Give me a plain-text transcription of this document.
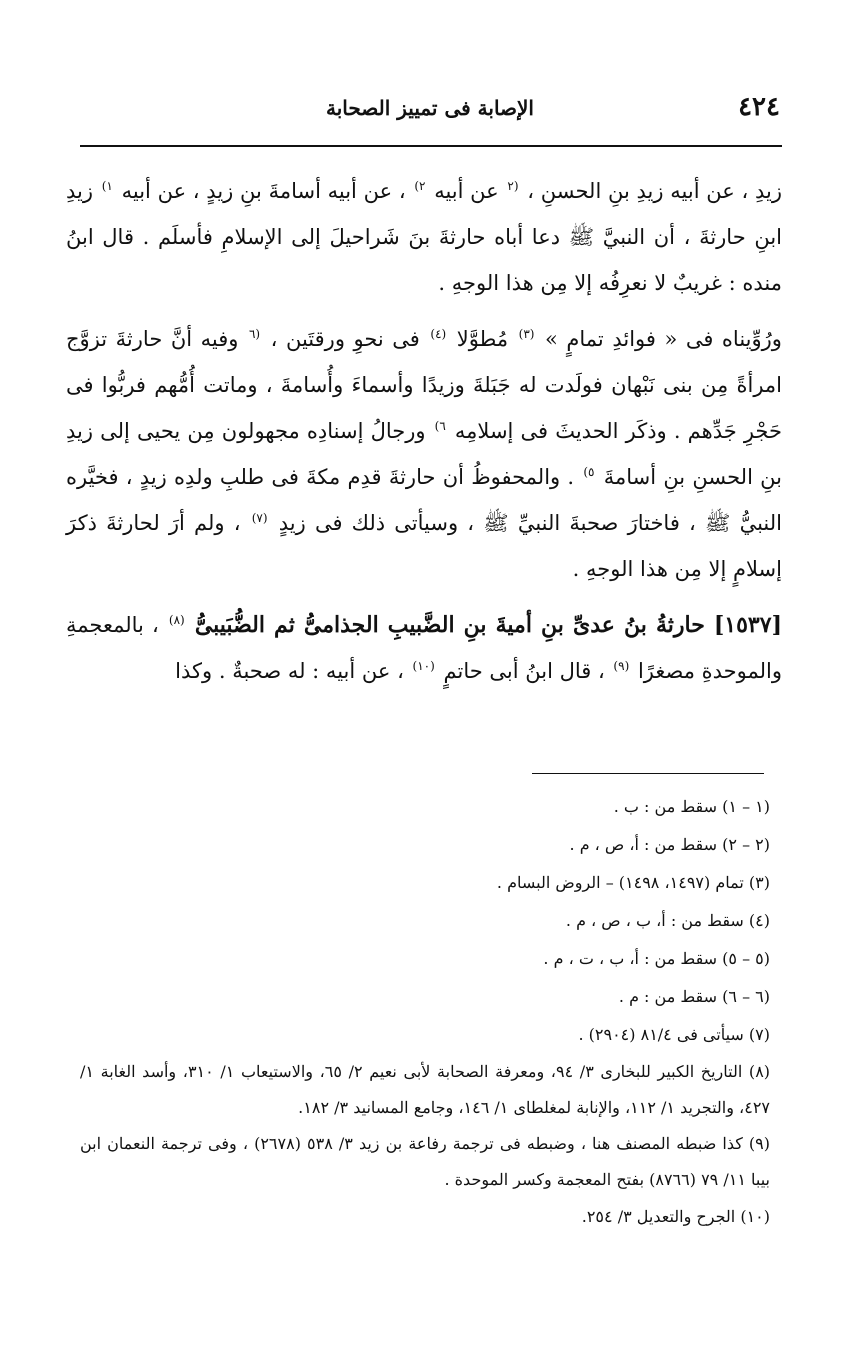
٤٢٤
الإصابة فى تمييز الصحابة

زيدِ ، عن أبيه زيدِ بنِ الحسنِ ، $^{(٢}$ عن أبيه $^{٢)}$ ، عن أبيه أسامةَ بنِ زيدٍ ، عن أبيه $^{١)}$ زيدِ ابنِ حارثةَ ، أن النبيَّ ﷺ دعا أباه حارثةَ بنَ شَراحيلَ إلى الإسلامِ فأسلَم . قال ابنُ منده : غريبٌ لا نعرِفُه إلا مِن هذا الوجهِ .

ورُوِّيناه فى « فوائدِ تمامٍ » $^{(٣)}$ مُطوَّلا $^{(٤)}$ فى نحوِ ورقتَين ، $^{(٦}$ وفيه أنَّ حارثةَ تزوَّج امرأةً مِن بنى نَبْهان فولَدت له جَبَلةَ وزيدًا وأسماءَ وأُسامةَ ، وماتت أُمُّهم فربُّوا فى حَجْرِ جَدِّهم . وذكَر الحديثَ فى إسلامِه $^{٦)}$ ورجالُ إسنادِه مجهولون مِن يحيى إلى زيدِ بنِ الحسنِ بنِ أسامةَ $^{٥)}$ . والمحفوظُ أن حارثةَ قدِم مكةَ فى طلبِ ولدِه زيدٍ ، فخيَّره النبيُّ ﷺ ، فاختارَ صحبةَ النبيِّ ﷺ ، وسيأتى ذلك فى زيدٍ $^{(٧)}$ ، ولم أرَ لحارثةَ ذكرَ إسلامٍ إلا مِن هذا الوجهِ .

[١٥٣٧] حارثةُ بنُ عدىِّ بنِ أميةَ بنِ الضَّبيبِ الجذامىُّ ثم الضُّبَيبىُّ $^{(٨)}$ ، بالمعجمةِ والموحدةِ مصغرًا $^{(٩)}$ ، قال ابنُ أبى حاتمٍ $^{(١٠)}$ ، عن أبيه : له صحبةٌ . وكذا

(١ – ١) سقط من : ب .

(٢ – ٢) سقط من : أ، ص ، م .

(٣) تمام (١٤٩٧، ١٤٩٨) – الروض البسام .

(٤) سقط من : أ، ب ، ص ، م .

(٥ – ٥) سقط من : أ، ب ، ت ، م .

(٦ – ٦) سقط من : م .

(٧) سيأتى فى ٨١/٤ (٢٩٠٤) .

(٨) التاريخ الكبير للبخارى ٣/ ٩٤، ومعرفة الصحابة لأبى نعيم ٢/ ٦٥، والاستيعاب ١/ ٣١٠، وأسد الغابة ١/ ٤٢٧، والتجريد ١/ ١١٢، والإنابة لمغلطاى ١/ ١٤٦، وجامع المسانيد ٣/ ١٨٢.

(٩) كذا ضبطه المصنف هنا ، وضبطه فى ترجمة رفاعة بن زيد ٣/ ٥٣٨ (٢٦٧٨) ، وفى ترجمة النعمان ابن بيبا ١١/ ٧٩ (٨٧٦٦) بفتح المعجمة وكسر الموحدة .

(١٠) الجرح والتعديل ٣/ ٢٥٤.
